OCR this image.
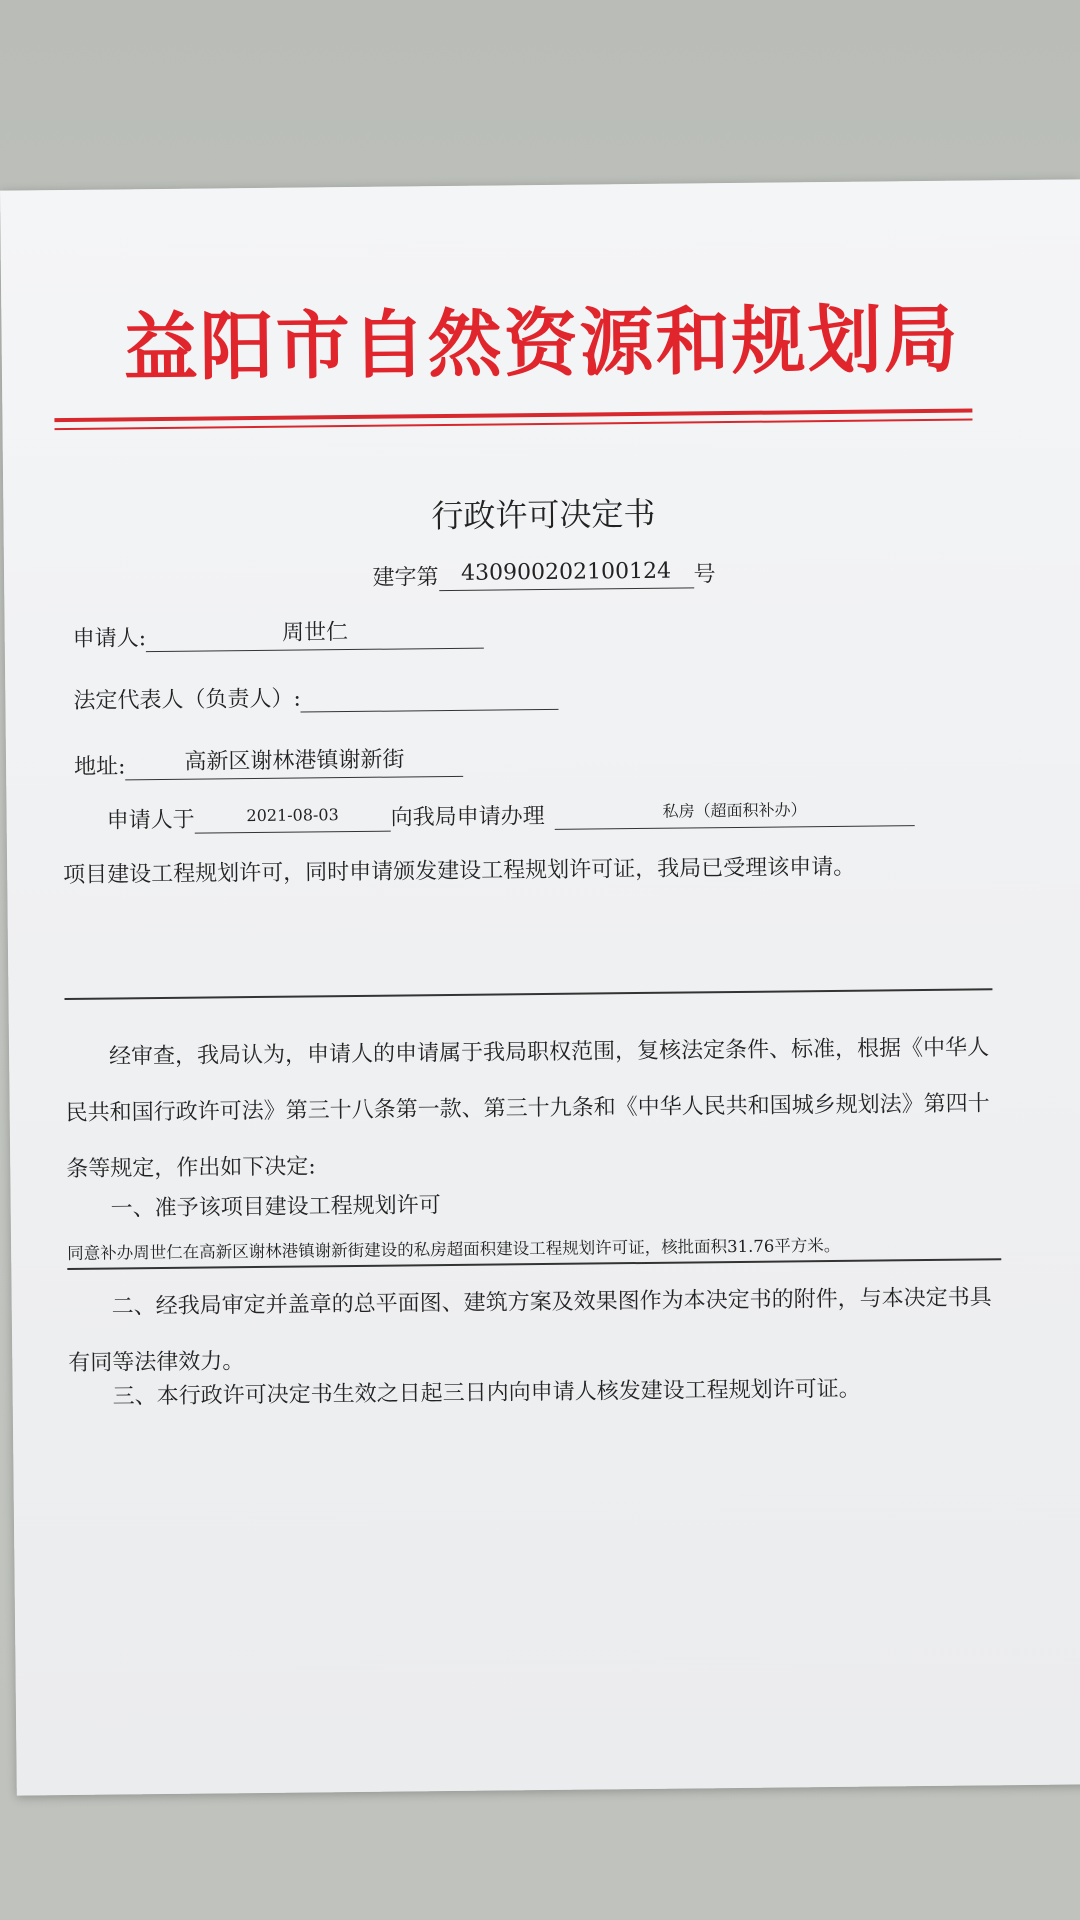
益阳市自然资源和规划局
行政许可决定书
建字第 430900202100124 号
申请人:	周世仁
法定代表人（负责人）:
地址:	高新区谢林港镇谢新街
申请人于	2021-08-03 向我局申请办理	私房（超面积补办）
项目建设工程规划许可，同时申请颁发建设工程规划许可证，我局已受理该申请。
经审查，我局认为，申请人的申请属于我局职权范围，复核法定条件、标准，根据《中华人民共和国行政许可法》第三十八条第一款、第三十九条和《中华人民共和国城乡规划法》第四十条等规定，作出如下决定:
一、准予该项目建设工程规划许可
同意补办周世仁在高新区谢林港镇谢新街建设的私房超面积建设工程规划许可证，核批面积31.76平方米。
二、经我局审定并盖章的总平面图、建筑方案及效果图作为本决定书的附件，与本决定书具有同等法律效力。
三、本行政许可决定书生效之日起三日内向申请人核发建设工程规划许可证。
